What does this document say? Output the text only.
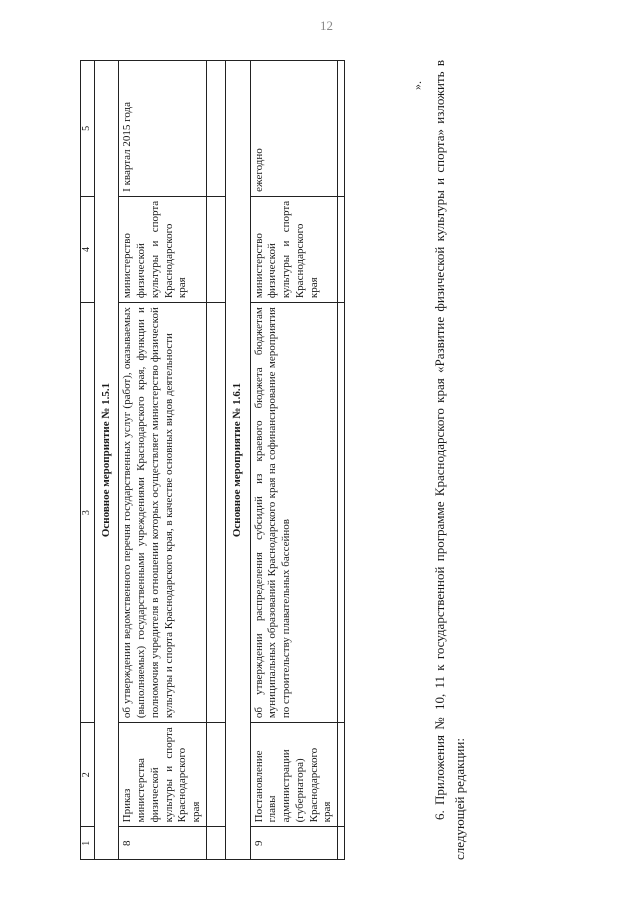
12
1	2	3	4	5
Основное мероприятие № 1.5.1				
8	Приказ министерства физической культуры и спорта Краснодарского края	об утверждении ведомственного перечня государственных услуг (работ), оказываемых (выполняемых) государственными учреждениями Краснодарского края, функции и полномочия учредителя в отношении которых осуществляет министерство физической культуры и спорта Краснодарского края, в качестве основных видов деятельности	министерство физической культуры и спорта Краснодарского края	I квартал 2015 года

Основное мероприятие № 1.6.1				
9	Постановление главы администрации (губернатора) Краснодарского края	об утверждении распределения субсидий из краевого бюджета бюджетам муниципальных образований Краснодарского края на софинансирование мероприятия по строительству плавательных бассейнов	министерство физической культуры и спорта Краснодарского края	ежегодно

». 6. Приложения № 10, 11 к государственной программе Краснодарского края «Развитие физической культуры и спорта» изложить в следующей редакции:
